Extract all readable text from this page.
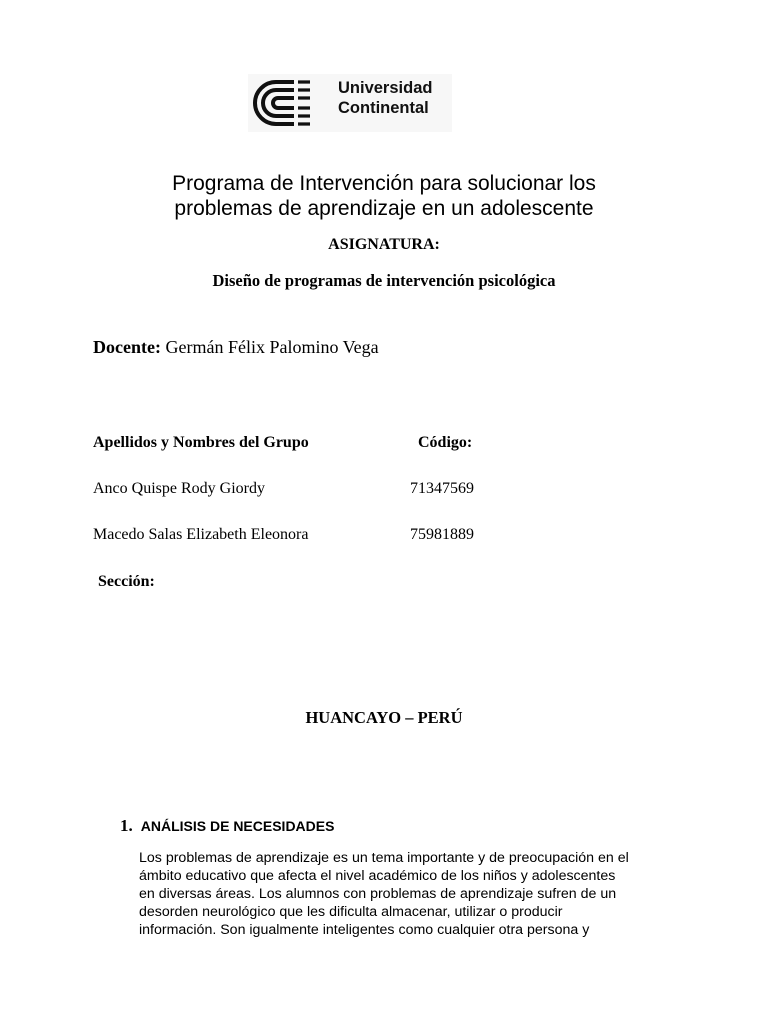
Universidad
Continental
Programa de Intervención para solucionar los
problemas de aprendizaje en un adolescente
ASIGNATURA:
Diseño de programas de intervención psicológica
Docente: Germán Félix Palomino Vega
Apellidos y Nombres del Grupo	Código:
Anco Quispe Rody Giordy	71347569
Macedo Salas Elizabeth Eleonora	75981889
Sección:
HUANCAYO – PERÚ
1. ANÁLISIS DE NECESIDADES

Los problemas de aprendizaje es un tema importante y de preocupación en el
ámbito educativo que afecta el nivel académico de los niños y adolescentes
en diversas áreas. Los alumnos con problemas de aprendizaje sufren de un
desorden neurológico que les dificulta almacenar, utilizar o producir
información. Son igualmente inteligentes como cualquier otra persona y
